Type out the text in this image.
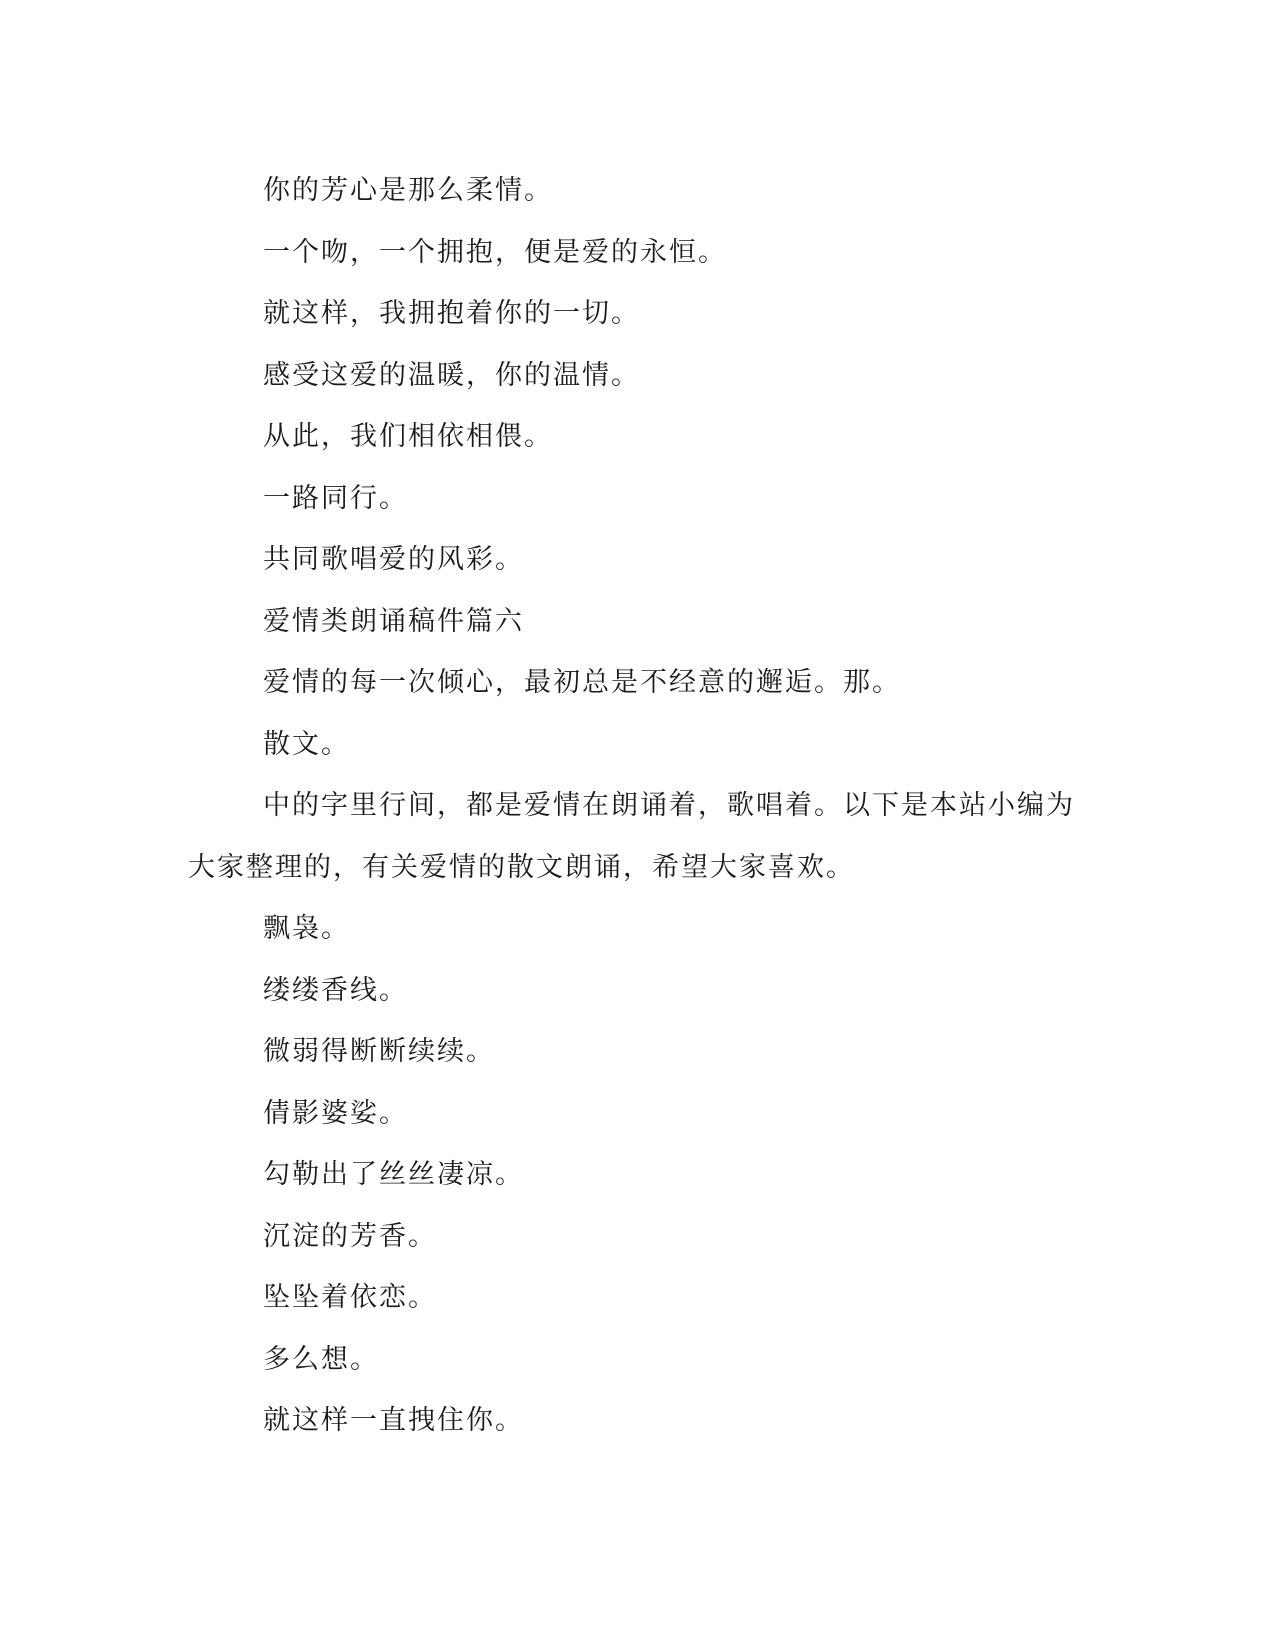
你的芳心是那么柔情。

一个吻，一个拥抱，便是爱的永恒。

就这样，我拥抱着你的一切。

感受这爱的温暖，你的温情。

从此，我们相依相偎。

一路同行。

共同歌唱爱的风彩。

爱情类朗诵稿件篇六

爱情的每一次倾心，最初总是不经意的邂逅。那。

散文。

中的字里行间，都是爱情在朗诵着，歌唱着。以下是本站小编为大家整理的，有关爱情的散文朗诵，希望大家喜欢。

飘袅。

缕缕香线。

微弱得断断续续。

倩影婆娑。

勾勒出了丝丝凄凉。

沉淀的芳香。

坠坠着依恋。

多么想。

就这样一直拽住你。
